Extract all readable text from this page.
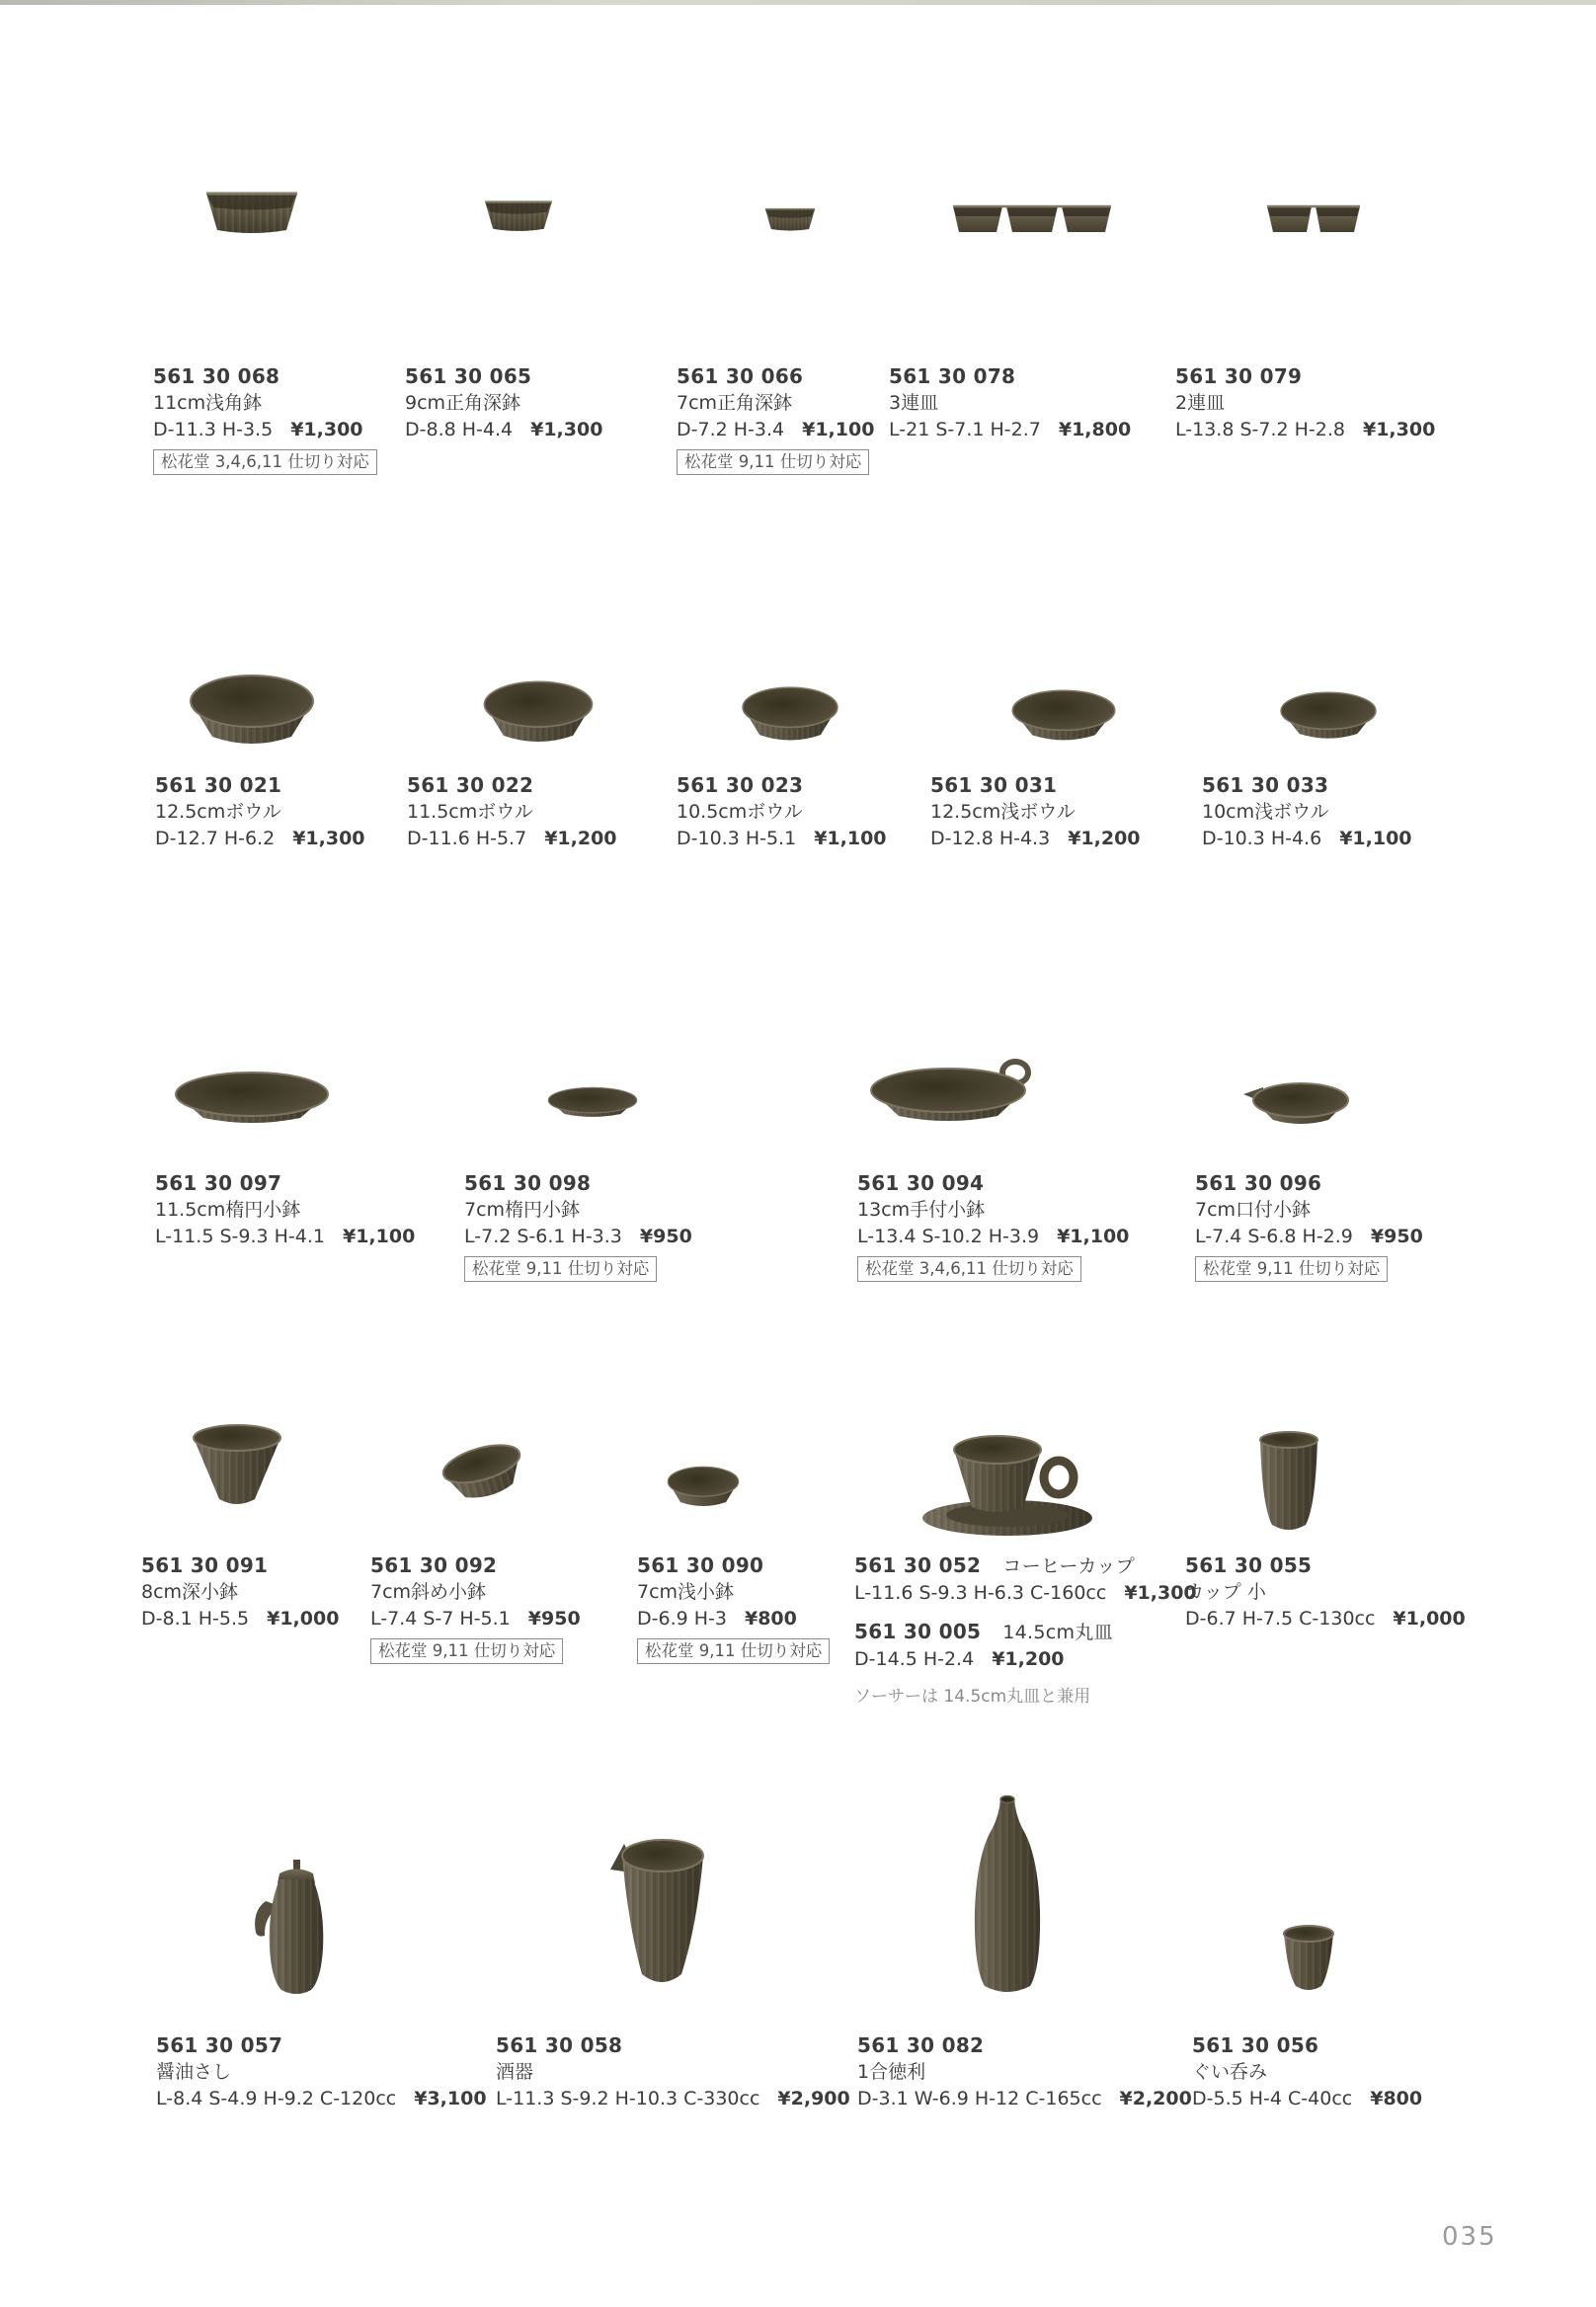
561 30 068
11cm浅角鉢
D-11.3 H-3.5 ¥1,300
松花堂 3,4,6,11 仕切り対応
561 30 065
9cm正角深鉢
D-8.8 H-4.4 ¥1,300
561 30 066
7cm正角深鉢
D-7.2 H-3.4 ¥1,100
松花堂 9,11 仕切り対応
561 30 078
3連皿
L-21 S-7.1 H-2.7 ¥1,800
561 30 079
2連皿
L-13.8 S-7.2 H-2.8 ¥1,300
561 30 021
12.5cmボウル
D-12.7 H-6.2 ¥1,300
561 30 022
11.5cmボウル
D-11.6 H-5.7 ¥1,200
561 30 023
10.5cmボウル
D-10.3 H-5.1 ¥1,100
561 30 031
12.5cm浅ボウル
D-12.8 H-4.3 ¥1,200
561 30 033
10cm浅ボウル
D-10.3 H-4.6 ¥1,100
561 30 097
11.5cm楕円小鉢
L-11.5 S-9.3 H-4.1 ¥1,100
561 30 098
7cm楕円小鉢
L-7.2 S-6.1 H-3.3 ¥950
松花堂 9,11 仕切り対応
561 30 094
13cm手付小鉢
L-13.4 S-10.2 H-3.9 ¥1,100
松花堂 3,4,6,11 仕切り対応
561 30 096
7cm口付小鉢
L-7.4 S-6.8 H-2.9 ¥950
松花堂 9,11 仕切り対応
561 30 091
8cm深小鉢
D-8.1 H-5.5 ¥1,000
561 30 092
7cm斜め小鉢
L-7.4 S-7 H-5.1 ¥950
松花堂 9,11 仕切り対応
561 30 090
7cm浅小鉢
D-6.9 H-3 ¥800
松花堂 9,11 仕切り対応
561 30 052 コーヒーカップ
L-11.6 S-9.3 H-6.3 C-160cc ¥1,300
561 30 005 14.5cm丸皿
D-14.5 H-2.4 ¥1,200
ソーサーは 14.5cm丸皿と兼用
561 30 055
カップ 小
D-6.7 H-7.5 C-130cc ¥1,000
561 30 057
醤油さし
L-8.4 S-4.9 H-9.2 C-120cc ¥3,100
561 30 058
酒器
L-11.3 S-9.2 H-10.3 C-330cc ¥2,900
561 30 082
1合徳利
D-3.1 W-6.9 H-12 C-165cc ¥2,200
561 30 056
ぐい呑み
D-5.5 H-4 C-40cc ¥800
035
